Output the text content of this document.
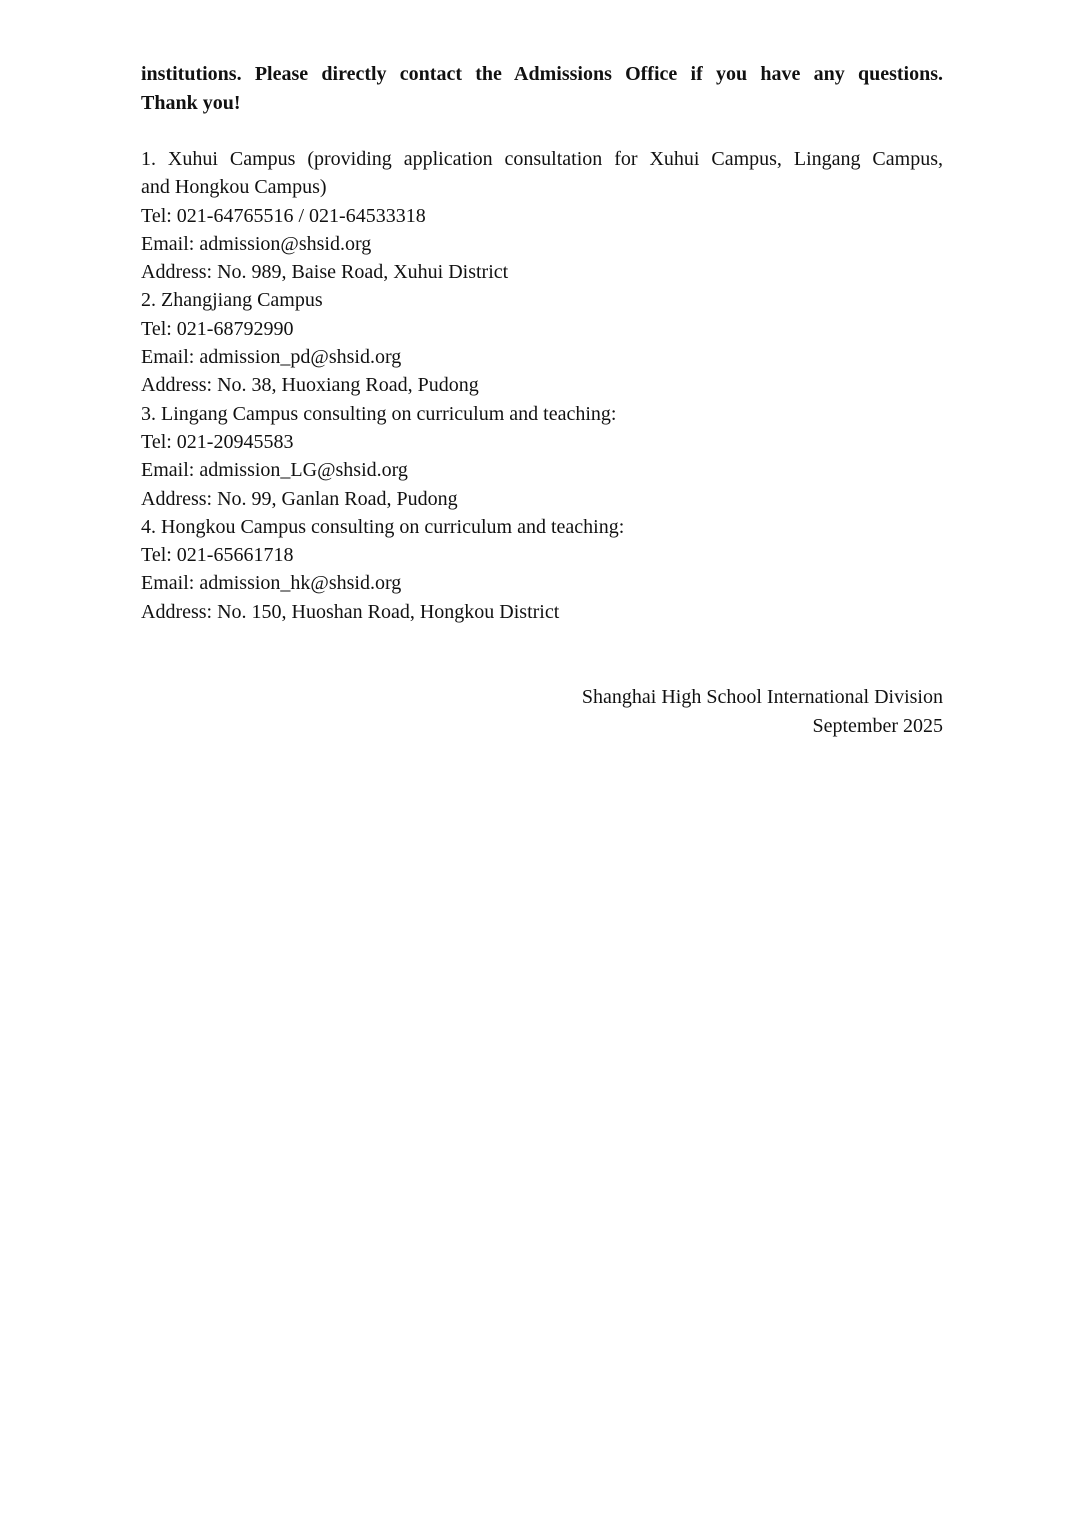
institutions. Please directly contact the Admissions Office if you have any questions.
Thank you!

1. Xuhui Campus (providing application consultation for Xuhui Campus, Lingang Campus,
and Hongkou Campus)
Tel: 021-64765516 / 021-64533318
Email: admission@shsid.org
Address: No. 989, Baise Road, Xuhui District
2. Zhangjiang Campus
Tel: 021-68792990
Email: admission_pd@shsid.org
Address: No. 38, Huoxiang Road, Pudong
3. Lingang Campus consulting on curriculum and teaching:
Tel: 021-20945583
Email: admission_LG@shsid.org
Address: No. 99, Ganlan Road, Pudong
4. Hongkou Campus consulting on curriculum and teaching:
Tel: 021-65661718
Email: admission_hk@shsid.org
Address: No. 150, Huoshan Road, Hongkou District
Shanghai High School International Division
September 2025
